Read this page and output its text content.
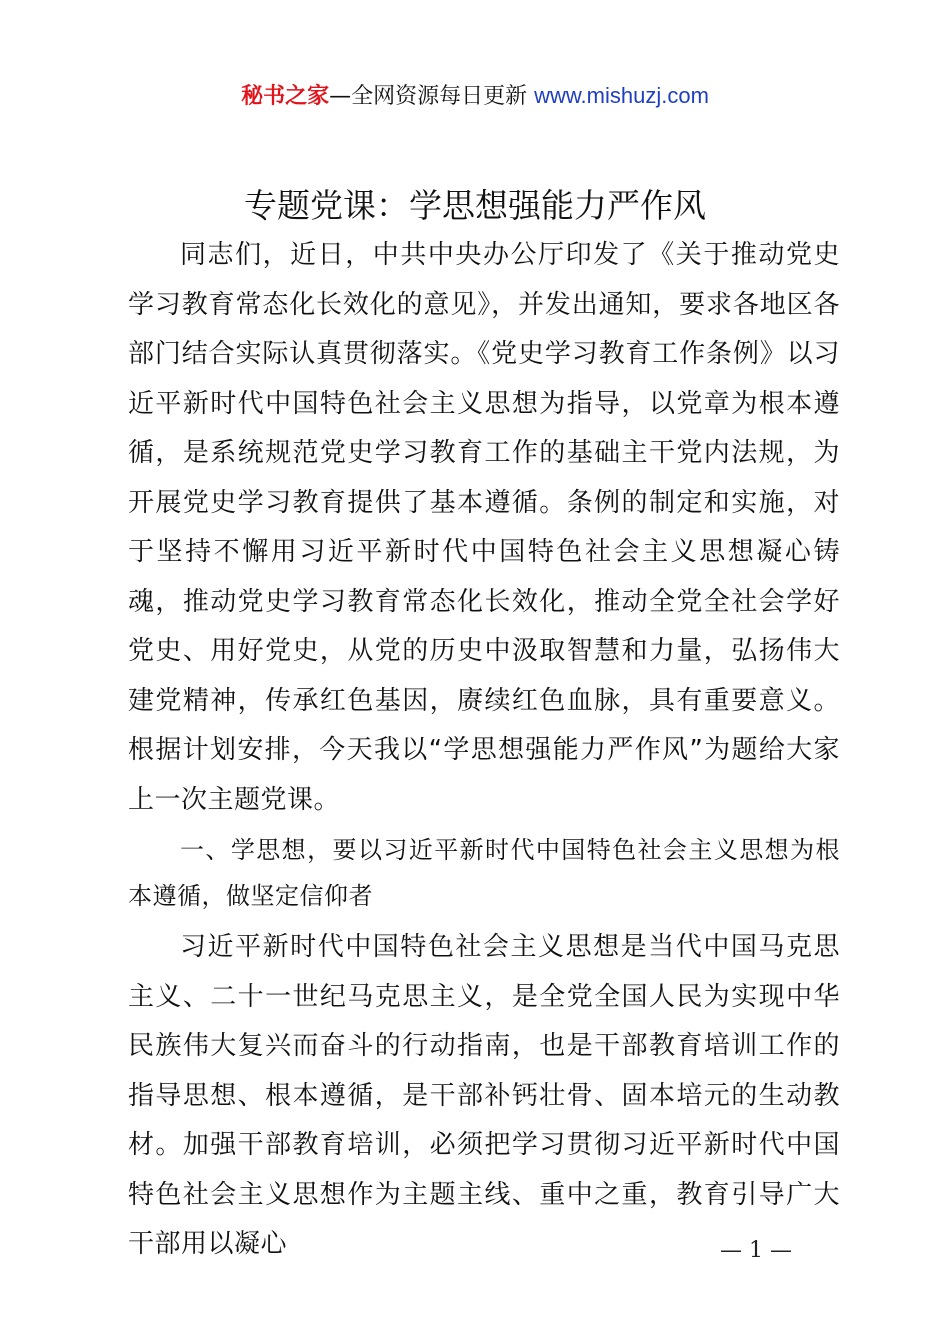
秘书之家—全网资源每日更新 www.mishuzj.com
专题党课：学思想强能力严作风

同志们，近日，中共中央办公厅印发了《关于推动党史学习教育常态化长效化的意见》，并发出通知，要求各地区各部门结合实际认真贯彻落实。《党史学习教育工作条例》以习近平新时代中国特色社会主义思想为指导，以党章为根本遵循，是系统规范党史学习教育工作的基础主干党内法规，为开展党史学习教育提供了基本遵循。条例的制定和实施，对于坚持不懈用习近平新时代中国特色社会主义思想凝心铸魂，推动党史学习教育常态化长效化，推动全党全社会学好党史、用好党史，从党的历史中汲取智慧和力量，弘扬伟大建党精神，传承红色基因，赓续红色血脉，具有重要意义。根据计划安排，今天我以“学思想强能力严作风”为题给大家上一次主题党课。

一、学思想，要以习近平新时代中国特色社会主义思想为根本遵循，做坚定信仰者

习近平新时代中国特色社会主义思想是当代中国马克思主义、二十一世纪马克思主义，是全党全国人民为实现中华民族伟大复兴而奋斗的行动指南，也是干部教育培训工作的指导思想、根本遵循，是干部补钙壮骨、固本培元的生动教材。加强干部教育培训，必须把学习贯彻习近平新时代中国特色社会主义思想作为主题主线、重中之重，教育引导广大干部用以凝心	— 1 —
